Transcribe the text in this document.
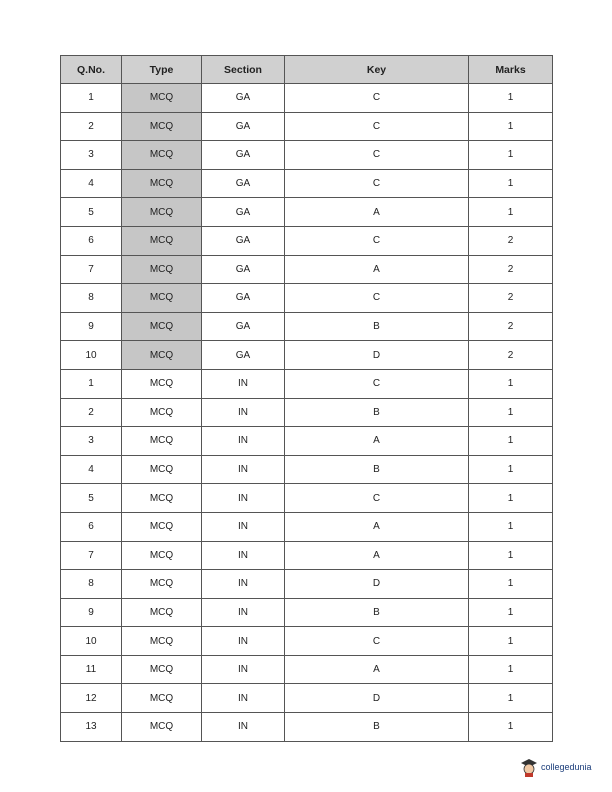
Q.No.	Type	Section	Key	Marks
1	MCQ	GA	C	1
2	MCQ	GA	C	1
3	MCQ	GA	C	1
4	MCQ	GA	C	1
5	MCQ	GA	A	1
6	MCQ	GA	C	2
7	MCQ	GA	A	2
8	MCQ	GA	C	2
9	MCQ	GA	B	2
10	MCQ	GA	D	2
1	MCQ	IN	C	1
2	MCQ	IN	B	1
3	MCQ	IN	A	1
4	MCQ	IN	B	1
5	MCQ	IN	C	1
6	MCQ	IN	A	1
7	MCQ	IN	A	1
8	MCQ	IN	D	1
9	MCQ	IN	B	1
10	MCQ	IN	C	1
11	MCQ	IN	A	1
12	MCQ	IN	D	1
13	MCQ	IN	B	1
collegedunia
